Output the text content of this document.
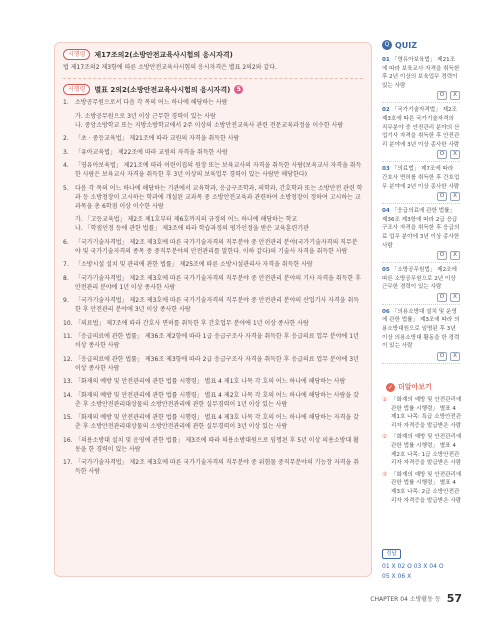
시행령	제17조의2(소방안전교육사시험의 응시자격)

법 제17조의2 제3항에 따른 소방안전교육사시험의 응시자격은 별표 2의2와 같다.

시행령	별표 2의2(소방안전교육사시험의 응시자격)	5
1.	소방공무원으로서 다음 각 목의 어느 하나에 해당하는 사람
가. 소방공무원으로 3년 이상 근무한 경력이 있는 사람
나. 중앙소방학교 또는 지방소방학교에서 2주 이상의 소방안전교육사 관련 전문교육과정을 이수한 사람
2.	「초 · 중등교육법」 제21조에 따라 교원의 자격을 취득한 사람
3.	「유아교육법」 제22조에 따라 교원의 자격을 취득한 사람
4.	「영유아보육법」 제21조에 따라 어린이집의 원장 또는 보육교사의 자격을 취득한 사람(보육교사 자격을 취득한 사람은 보육교사 자격을 취득한 후 3년 이상의 보육업무 경력이 있는 사람만 해당한다)
5.	다음 각 목의 어느 하나에 해당하는 기관에서 교육학과, 응급구조학과, 의학과, 간호학과 또는 소방안전 관련 학과 등 소방청장이 고시하는 학과에 개설된 교과목 중 소방안전교육과 관련하여 소방청장이 정하여 고시하는 교과목을 총 6학점 이상 이수한 사람
가. 「고등교육법」 제2조 제1호부터 제6호까지의 규정의 어느 하나에 해당하는 학교
나. 「학점인정 등에 관한 법률」 제3조에 따라 학습과정의 평가인정을 받은 교육훈련기관
6.	「국가기술자격법」 제2조 제3호에 따른 국가기술자격의 직무분야 중 안전관리 분야(국가기술자격의 직무분야 및 국가기술자격의 종목 중 중직무분야의 안전관리를 말한다. 이하 같다)의 기술사 자격을 취득한 사람
7.	「소방시설 설치 및 관리에 관한 법률」 제25조에 따른 소방시설관리사 자격을 취득한 사람
8.	「국가기술자격법」 제2조 제3호에 따른 국가기술자격의 직무분야 중 안전관리 분야의 기사 자격을 취득한 후 안전관리 분야에 1년 이상 종사한 사람
9.	「국가기술자격법」 제2조 제3호에 따른 국가기술자격의 직무분야 중 안전관리 분야의 산업기사 자격을 취득한 후 안전관리 분야에 3년 이상 종사한 사람
10. 「의료법」 제7조에 따라 간호사 면허를 취득한 후 간호업무 분야에 1년 이상 종사한 사람
11. 「응급의료에 관한 법률」 제36조 제2항에 따라 1급 응급구조사 자격을 취득한 후 응급의료 업무 분야에 1년 이상 종사한 사람
12. 「응급의료에 관한 법률」 제36조 제3항에 따라 2급 응급구조사 자격을 취득한 후 응급의료 업무 분야에 3년 이상 종사한 사람
13. 「화재의 예방 및 안전관리에 관한 법률 시행령」 별표 4 제1호 나목 각 호의 어느 하나에 해당하는 사람
14. 「화재의 예방 및 안전관리에 관한 법률 시행령」 별표 4 제2호 나목 각 호의 어느 하나에 해당하는 사람을 갖춘 후 소방안전관리대상물의 소방안전관리에 관한 실무경력이 1년 이상 있는 사람
15. 「화재의 예방 및 안전관리에 관한 법률 시행령」 별표 4 제3호 나목 각 호의 어느 하나에 해당하는 자격을 갖춘 후 소방안전관리대상물의 소방안전관리에 관한 실무경력이 3년 이상 있는 사람
16. 「의용소방대 설치 및 운영에 관한 법률」 제3조에 따라 의용소방대원으로 임명된 후 5년 이상 의용소방대 활동을 한 경력이 있는 사람
17. 「국가기술자격법」 제2조 제3호에 따른 국가기술자격의 직무분야 중 위험물 중직무분야의 기능장 자격을 취득한 사람
Q QUIZ
01 「영유아보육법」 제21조에 따라 보육교사 자격을 취득한 후 2년 이상의 보육업무 경력이 있는 사람
O	X
02 「국가기술자격법」 제2조 제3호에 따른 국가기술자격의 직무분야 중 안전관리 분야의 산업기사 자격을 취득한 후 안전관리 분야에 3년 이상 종사한 사람
O	X
03 「의료법」 제7조에 따라 간호사 면허를 취득한 후 간호업무 분야에 2년 이상 종사한 사람
O	X
04 「응급의료에 관한 법률」 제36조 제3항에 따라 2급 응급구조사 자격을 취득한 후 응급의료 업무 분야에 3년 이상 종사한 사람
O	X
05 「소방공무원법」 제2조에 따른 소방공무원으로 2년 이상 근무한 경력이 있는 사람
O	X
06 「의용소방대 설치 및 운영에 관한 법률」 제3조에 따라 의용소방대원으로 임명된 후 3년 이상 의용소방대 활동을 한 경력이 있는 사람
O	X
✓ 더알아보기
① 「화재의 예방 및 안전관리에 관한 법률 시행령」 별표 4 제1호 나목: 특급 소방안전관리자 자격증을 발급받은 사람
② 「화재의 예방 및 안전관리에 관한 법률 시행령」 별표 4 제2호 나목: 1급 소방안전관리자 자격증을 발급받은 사람
③ 「화재의 예방 및 안전관리에 관한 법률 시행령」 별표 4 제3호 나목: 2급 소방안전관리자 자격증을 발급받은 사람
정답
01 X 02 O 03 X 04 O
05 X 06 X
CHAPTER 04 소방활동 등 57
